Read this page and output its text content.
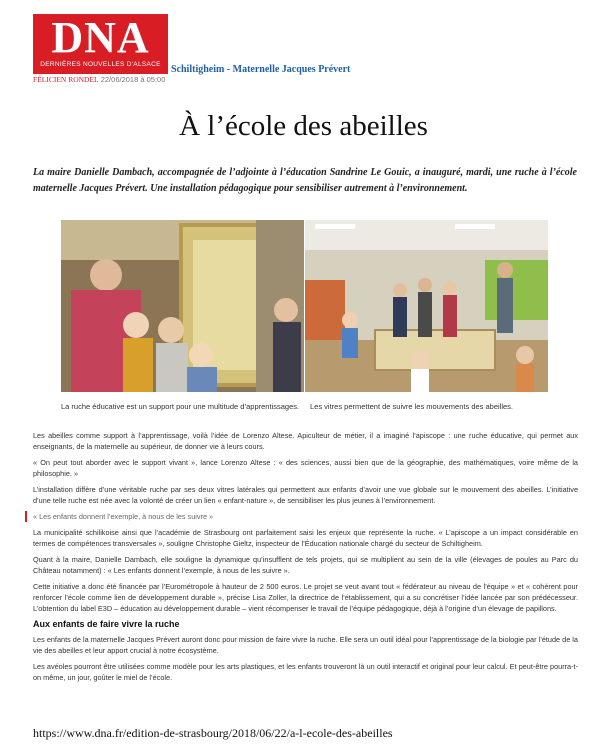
DNA
DERNIÈRES NOUVELLES D'ALSACE	Schiltigheim - Maternelle Jacques Prévert
FÉLICIEN RONDEL 22/06/2018 à 05:00
À l’école des abeilles
La maire Danielle Dambach, accompagnée de l’adjointe à l’éducation Sandrine Le Gouic, a inauguré, mardi, une ruche à l’école maternelle Jacques Prévert. Une installation pédagogique pour sensibiliser autrement à l’environnement.
La ruche éducative est un support pour une multitude d’apprentissages. Les vitres permettent de suivre les mouvements des abeilles.

Les abeilles comme support à l’apprentissage, voilà l’idée de Lorenzo Altese. Apiculteur de métier, il a imaginé l’apiscope : une ruche éducative, qui permet aux enseignants, de la maternelle au supérieur, de donner vie à leurs cours.

« On peut tout aborder avec le support vivant », lance Lorenzo Altese : « des sciences, aussi bien que de la géographie, des mathématiques, voire même de la philosophie. »

L’installation diffère d’une véritable ruche par ses deux vitres latérales qui permettent aux enfants d’avoir une vue globale sur le mouvement des abeilles. L’initiative d’une telle ruche est née avec la volonté de créer un lien « enfant-nature », de sensibiliser les plus jeunes à l’environnement.

« Les enfants donnent l’exemple, à nous de les suivre »

La municipalité schilikoise ainsi que l’académie de Strasbourg ont parfaitement saisi les enjeux que représente la ruche. « L’apiscope a un impact considérable en termes de compétences transversales », souligne Christophe Gieltz, inspecteur de l’Éducation nationale chargé du secteur de Schiltigheim.

Quant à la maire, Danielle Dambach, elle souligne la dynamique qu’insufflent de tels projets, qui se multiplient au sein de la ville (élevages de poules au Parc du Château notamment) : « Les enfants donnent l’exemple, à nous de les suivre ».

Cette initiative a donc été financée par l’Eurométropole à hauteur de 2 500 euros. Le projet se veut avant tout « fédérateur au niveau de l’équipe » et « cohérent pour renforcer l’école comme lien de développement durable », précise Lisa Zoller, la directrice de l’établissement, qui a su concrétiser l’idée lancée par son prédécesseur. L’obtention du label E3D – éducation au développement durable – vient récompenser le travail de l’équipe pédagogique, déjà à l’origine d’un élevage de papillons.

Aux enfants de faire vivre la ruche

Les enfants de la maternelle Jacques Prévert auront donc pour mission de faire vivre la ruche. Elle sera un outil idéal pour l’apprentissage de la biologie par l’étude de la vie des abeilles et leur apport crucial à notre écosystème.

Les avéoles pourront être utilisées comme modèle pour les arts plastiques, et les enfants trouveront là un outil interactif et original pour leur calcul. Et peut-être pourra-t-on même, un jour, goûter le miel de l’école.

https://www.dna.fr/edition-de-strasbourg/2018/06/22/a-l-ecole-des-abeilles
